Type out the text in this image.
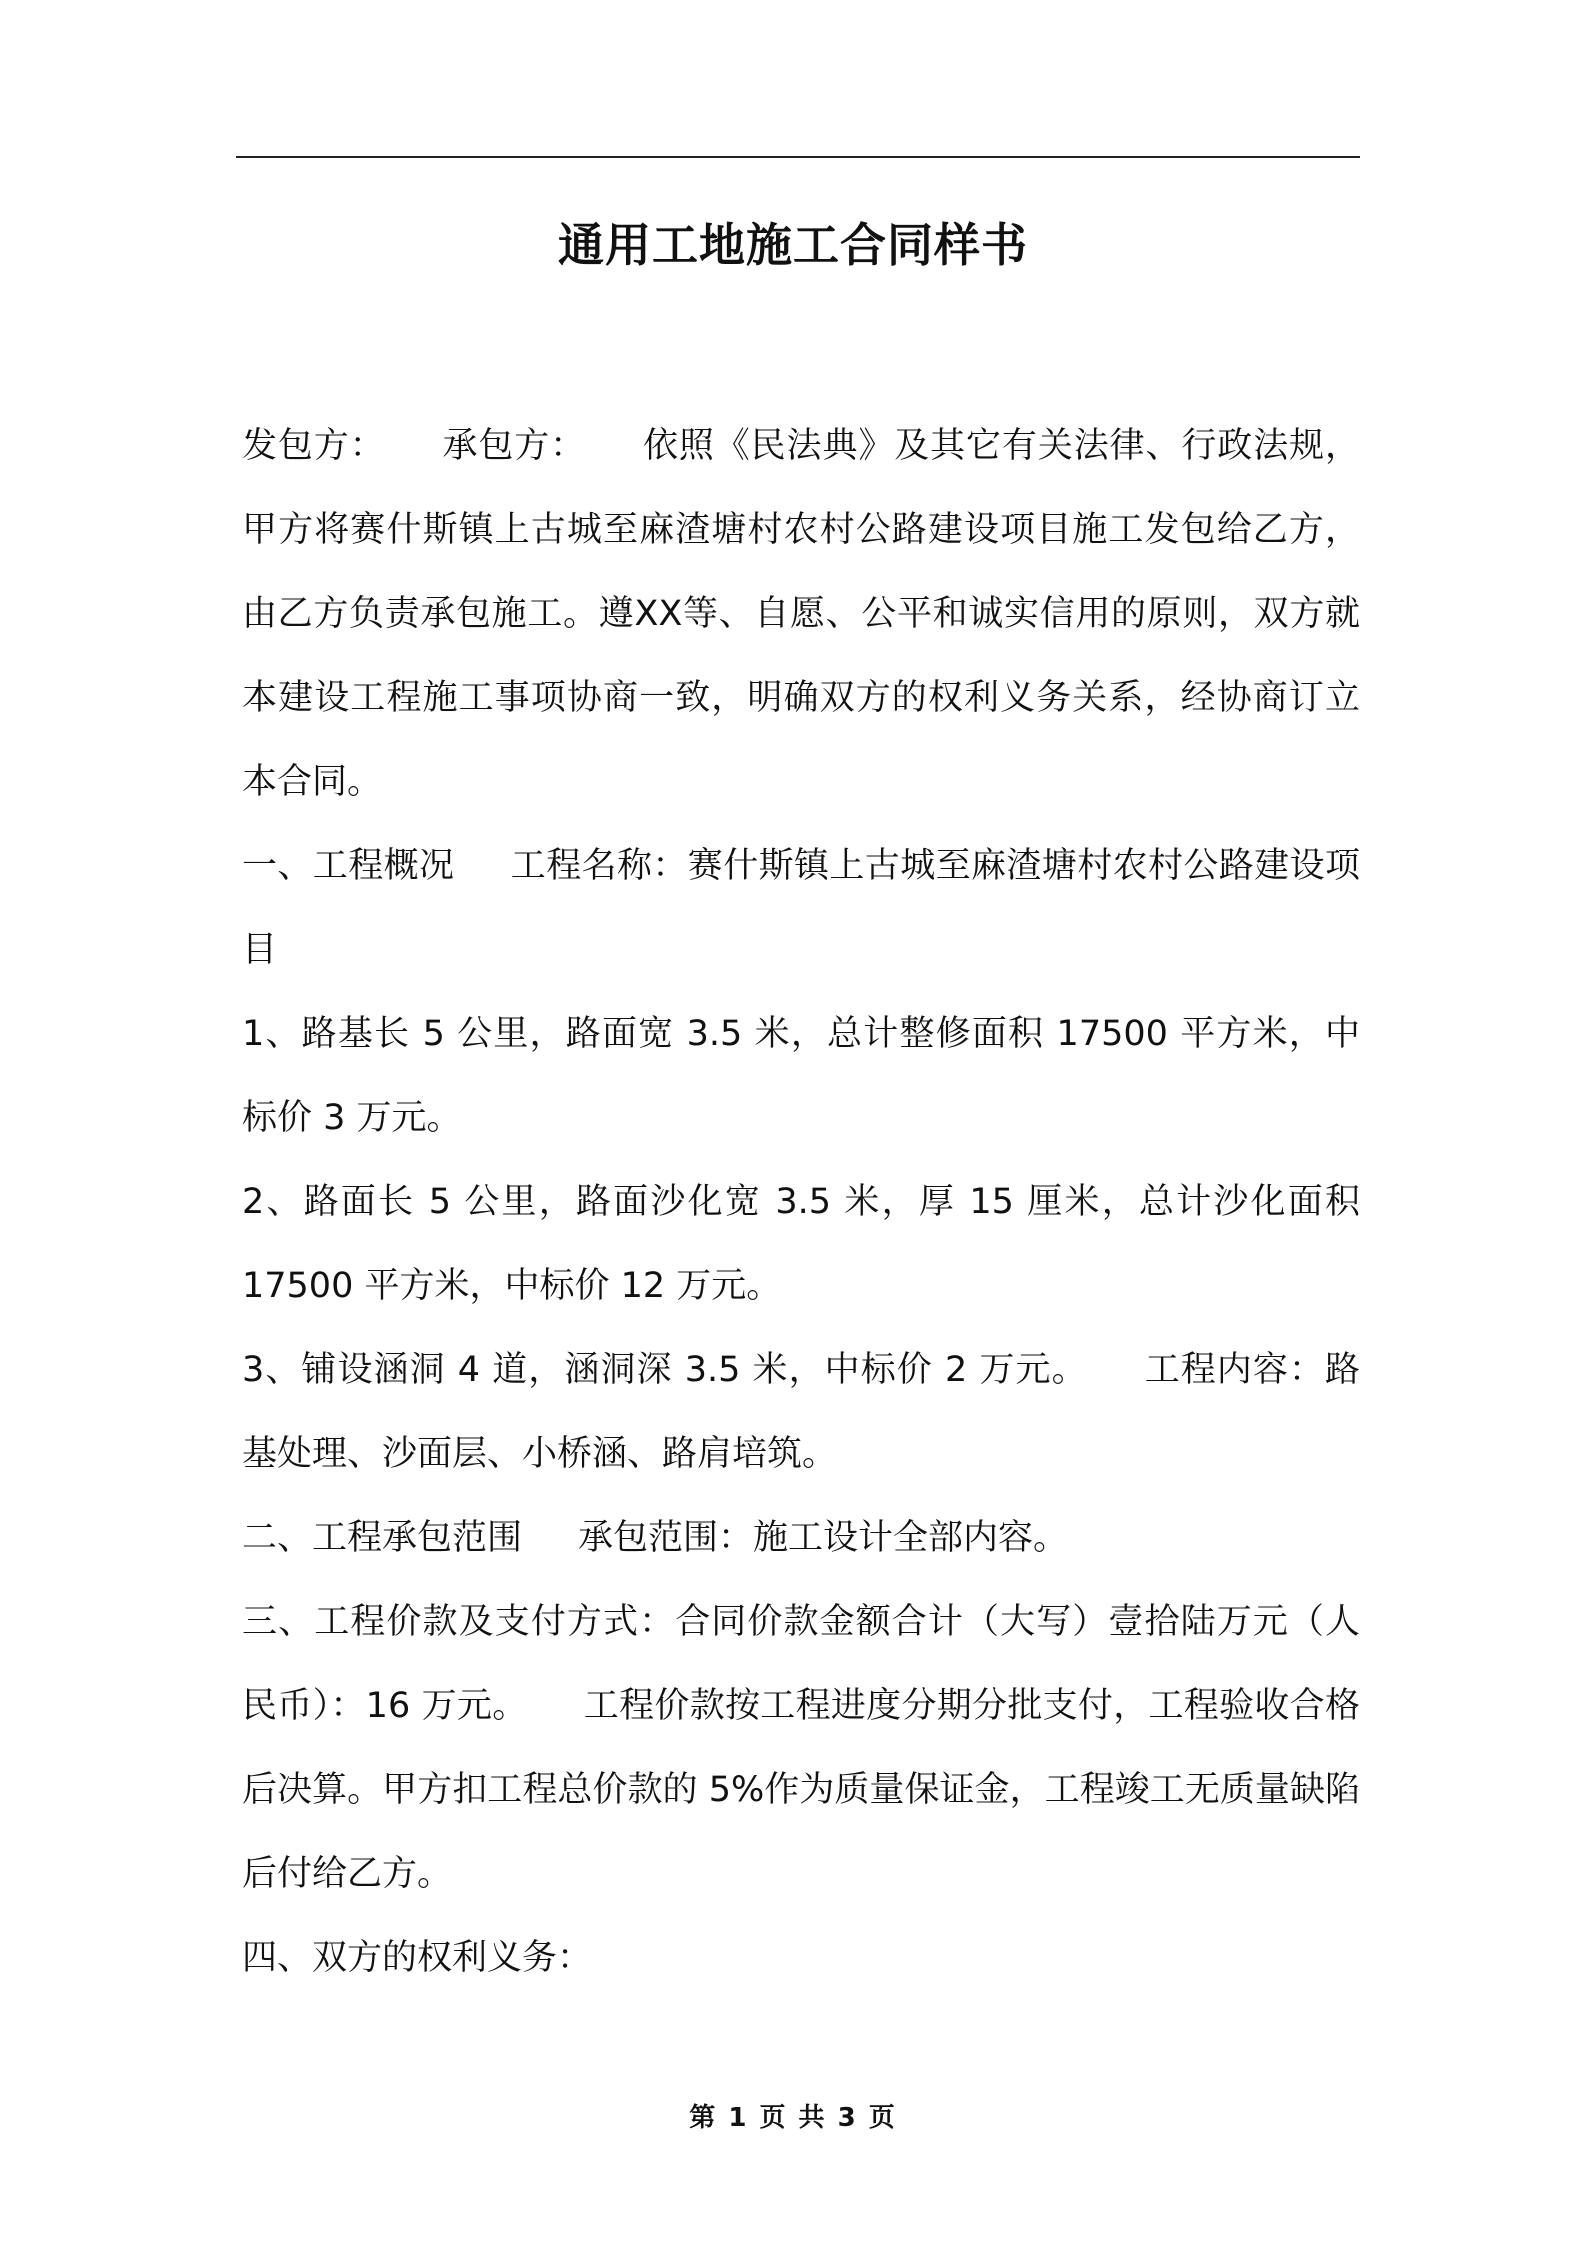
通用工地施工合同样书

发包方： 承包方： 依照《民法典》及其它有关法律、行政法规，甲方将赛什斯镇上古城至麻渣塘村农村公路建设项目施工发包给乙方，由乙方负责承包施工。遵XX等、自愿、公平和诚实信用的原则，双方就本建设工程施工事项协商一致，明确双方的权利义务关系，经协商订立本合同。

一、工程概况 工程名称：赛什斯镇上古城至麻渣塘村农村公路建设项目

1、路基长 5 公里，路面宽 3.5 米，总计整修面积 17500 平方米，中标价 3 万元。

2、路面长 5 公里，路面沙化宽 3.5 米，厚 15 厘米，总计沙化面积 17500 平方米，中标价 12 万元。

3、铺设涵洞 4 道，涵洞深 3.5 米，中标价 2 万元。 工程内容：路基处理、沙面层、小桥涵、路肩培筑。

二、工程承包范围 承包范围：施工设计全部内容。

三、工程价款及支付方式：合同价款金额合计（大写）壹拾陆万元（人民币）：16 万元。 工程价款按工程进度分期分批支付，工程验收合格后决算。甲方扣工程总价款的 5%作为质量保证金，工程竣工无质量缺陷后付给乙方。

四、双方的权利义务：

第 1 页 共 3 页
